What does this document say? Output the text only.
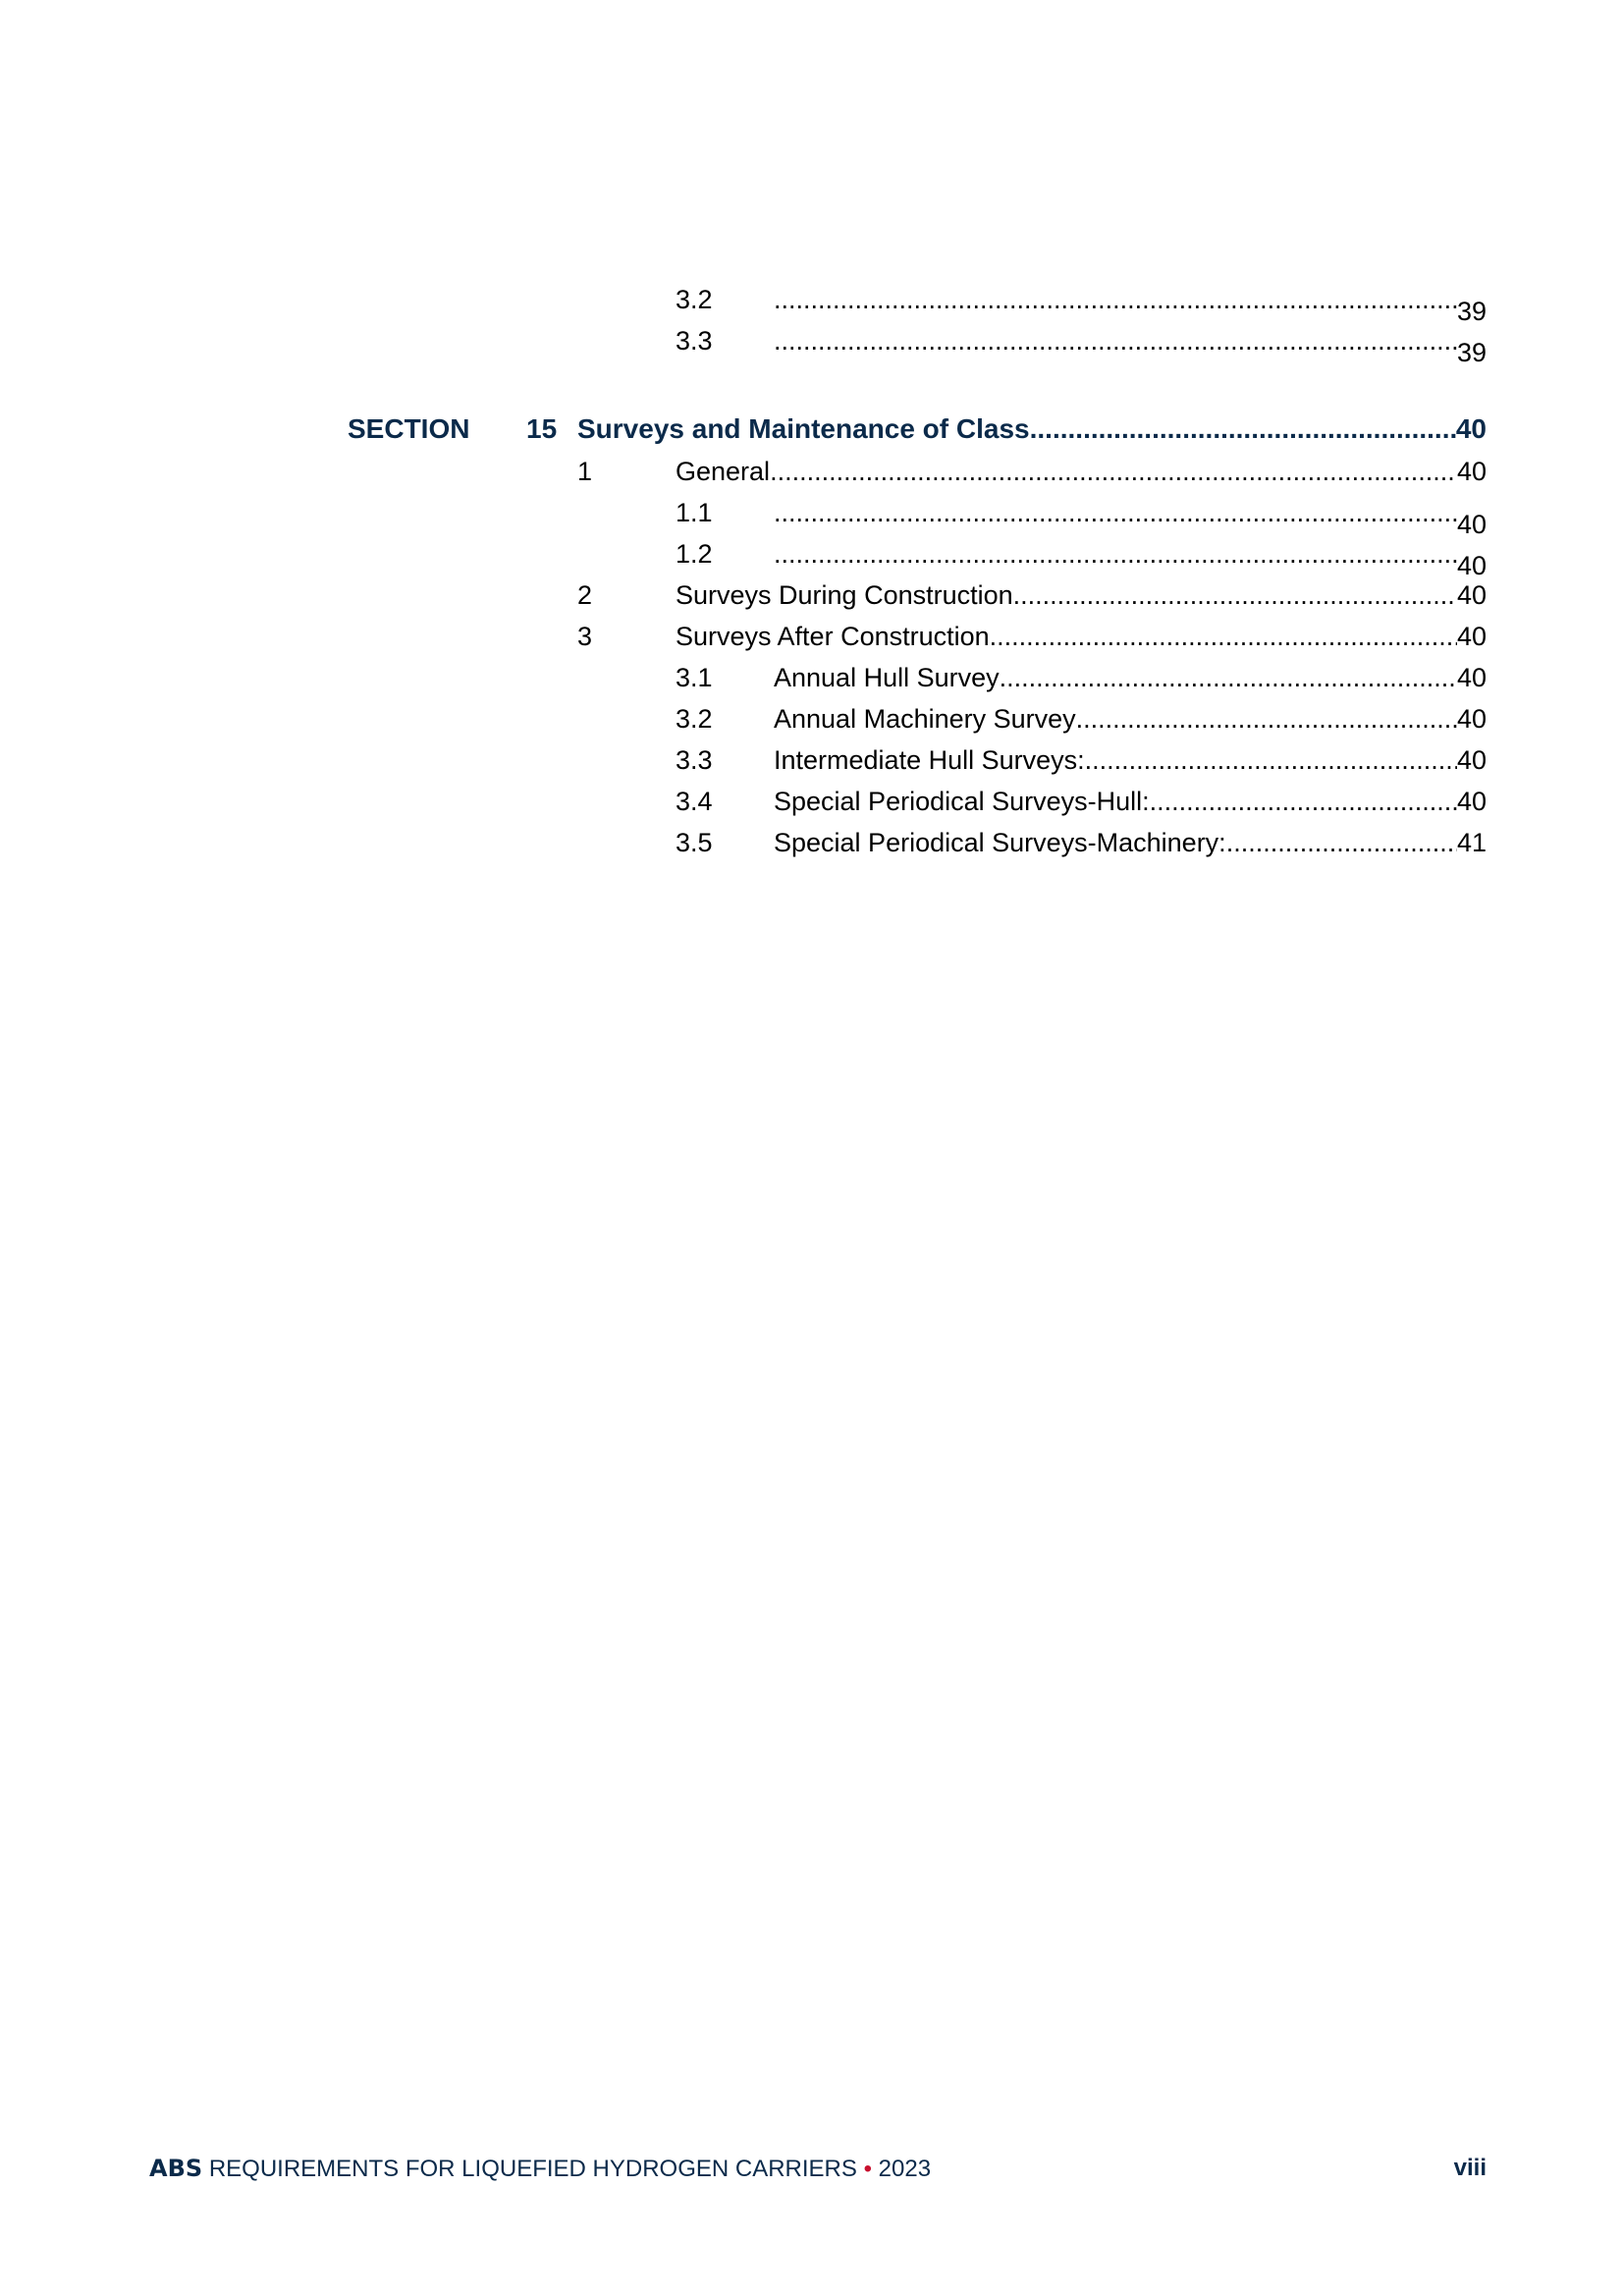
3.2 .....	39
3.3 .....	39
SECTION 15 Surveys and Maintenance of Class .....	40
1	General .....	40
1.1 .....	40
1.2 .....	40
2	Surveys During Construction .....	40
3	Surveys After Construction .....	40
3.1 Annual Hull Survey .....	40
3.2 Annual Machinery Survey .....	40
3.3 Intermediate Hull Surveys: .....	40
3.4 Special Periodical Surveys-Hull: .....	40
3.5 Special Periodical Surveys-Machinery: .....	41
ABS REQUIREMENTS FOR LIQUEFIED HYDROGEN CARRIERS • 2023	viii
